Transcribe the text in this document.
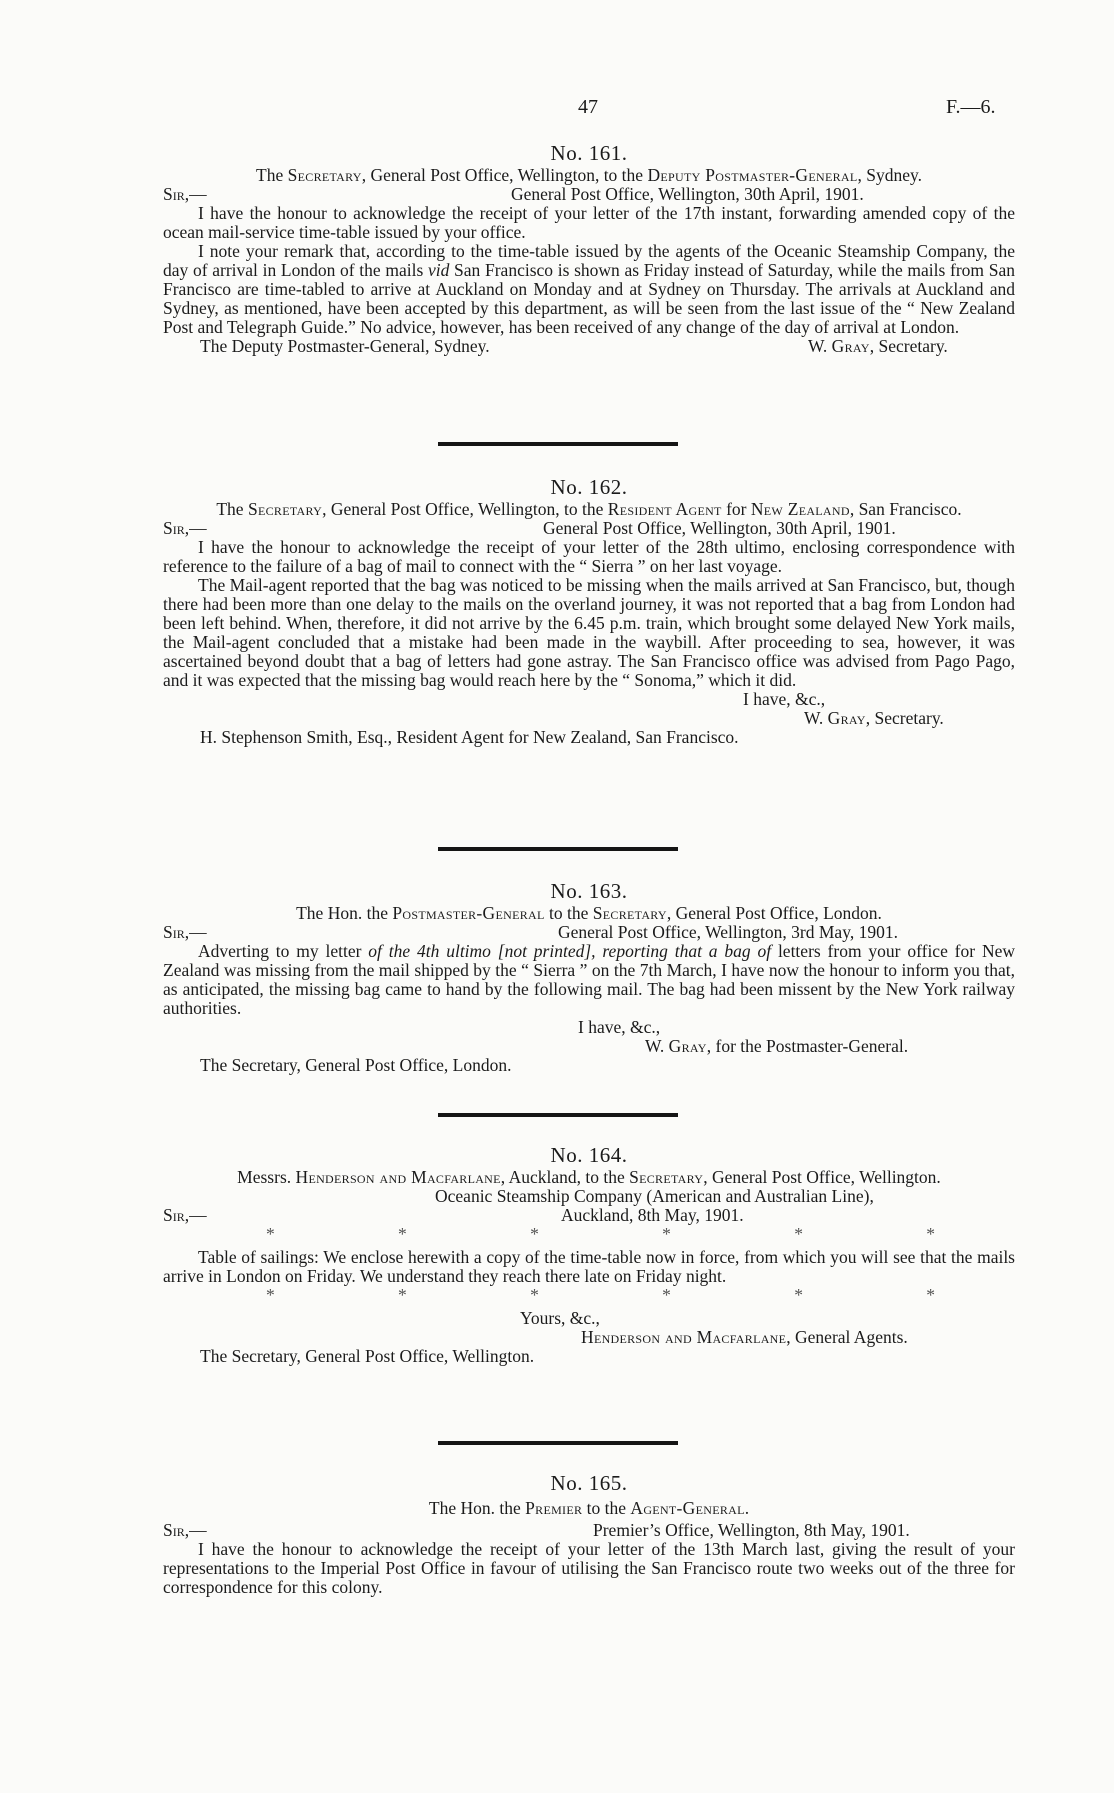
47	F.—6.
No. 161.
The Secretary, General Post Office, Wellington, to the Deputy Postmaster-General, Sydney.
Sir,—	General Post Office, Wellington, 30th April, 1901.
I have the honour to acknowledge the receipt of your letter of the 17th instant, forwarding amended copy of the ocean mail-service time-table issued by your office.
I note your remark that, according to the time-table issued by the agents of the Oceanic Steamship Company, the day of arrival in London of the mails vid San Francisco is shown as Friday instead of Saturday, while the mails from San Francisco are time-tabled to arrive at Auckland on Monday and at Sydney on Thursday. The arrivals at Auckland and Sydney, as mentioned, have been accepted by this department, as will be seen from the last issue of the “ New Zealand Post and Telegraph Guide.” No advice, however, has been received of any change of the day of arrival at London.
The Deputy Postmaster-General, Sydney.	W. Gray, Secretary.
No. 162.
The Secretary, General Post Office, Wellington, to the Resident Agent for New Zealand, San Francisco.
Sir,—	General Post Office, Wellington, 30th April, 1901.
I have the honour to acknowledge the receipt of your letter of the 28th ultimo, enclosing correspondence with reference to the failure of a bag of mail to connect with the “ Sierra ” on her last voyage.
The Mail-agent reported that the bag was noticed to be missing when the mails arrived at San Francisco, but, though there had been more than one delay to the mails on the overland journey, it was not reported that a bag from London had been left behind. When, therefore, it did not arrive by the 6.45 p.m. train, which brought some delayed New York mails, the Mail-agent concluded that a mistake had been made in the waybill. After proceeding to sea, however, it was ascertained beyond doubt that a bag of letters had gone astray. The San Francisco office was advised from Pago Pago, and it was expected that the missing bag would reach here by the “ Sonoma,” which it did.
I have, &c.,
W. Gray, Secretary.
H. Stephenson Smith, Esq., Resident Agent for New Zealand, San Francisco.
No. 163.
The Hon. the Postmaster-General to the Secretary, General Post Office, London.
Sir,—	General Post Office, Wellington, 3rd May, 1901.
Adverting to my letter of the 4th ultimo [not printed], reporting that a bag of letters from your office for New Zealand was missing from the mail shipped by the “ Sierra ” on the 7th March, I have now the honour to inform you that, as anticipated, the missing bag came to hand by the following mail. The bag had been missent by the New York railway authorities.
I have, &c.,
W. Gray, for the Postmaster-General.
The Secretary, General Post Office, London.
No. 164.
Messrs. Henderson and Macfarlane, Auckland, to the Secretary, General Post Office, Wellington.
Oceanic Steamship Company (American and Australian Line),
Sir,—	Auckland, 8th May, 1901.
*	*	*	*	*	*
Table of sailings: We enclose herewith a copy of the time-table now in force, from which you will see that the mails arrive in London on Friday. We understand they reach there late on Friday night.
*	*	*	*	*	*
Yours, &c.,
Henderson and Macfarlane, General Agents.
The Secretary, General Post Office, Wellington.
No. 165.
The Hon. the Premier to the Agent-General.
Sir,—	Premier’s Office, Wellington, 8th May, 1901.
I have the honour to acknowledge the receipt of your letter of the 13th March last, giving the result of your representations to the Imperial Post Office in favour of utilising the San Francisco route two weeks out of the three for correspondence for this colony.
